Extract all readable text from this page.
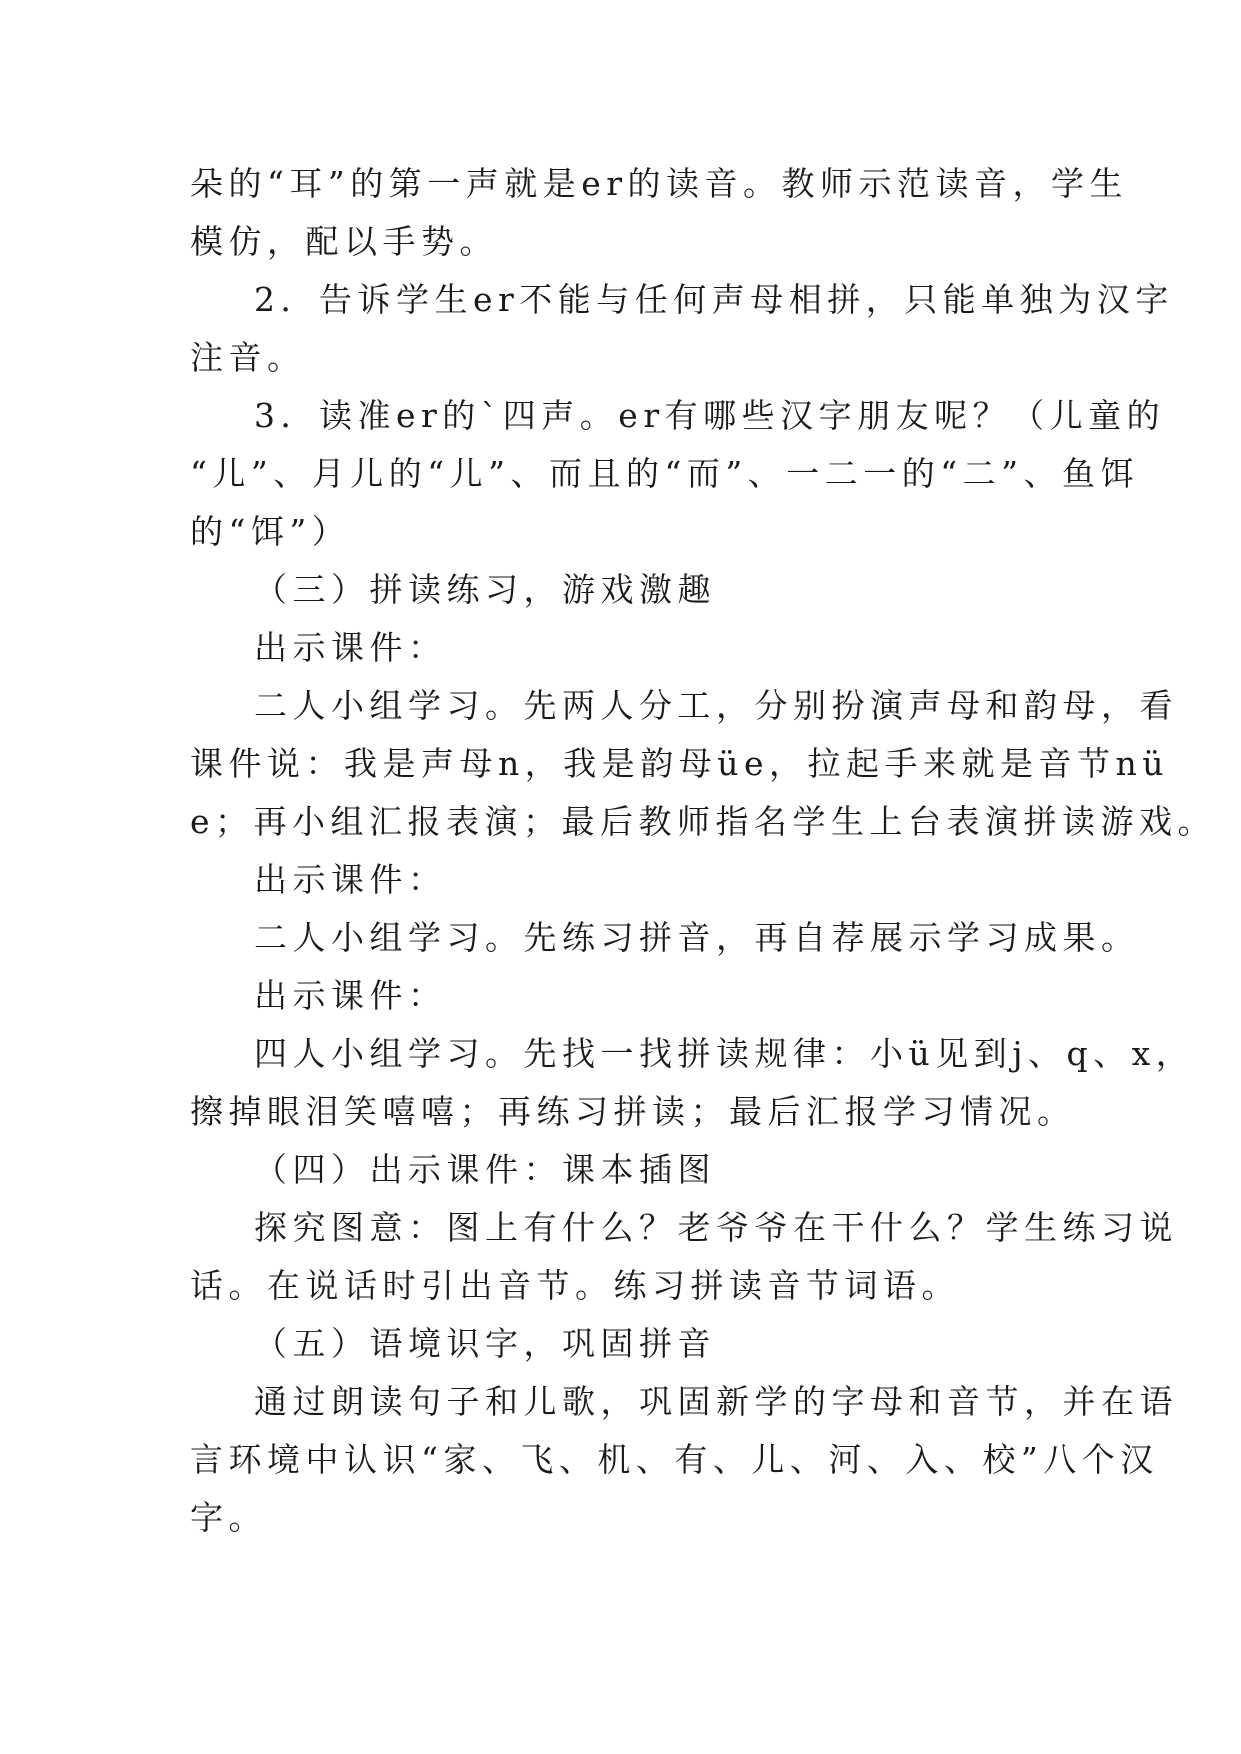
朵的“耳”的第一声就是er的读音。教师示范读音，学生
模仿，配以手势。
2．告诉学生er不能与任何声母相拼，只能单独为汉字
注音。
3．读准er的`四声。er有哪些汉字朋友呢？（儿童的
“儿”、月儿的“儿”、而且的“而”、一二一的“二”、鱼饵
的“饵”）
（三）拼读练习，游戏激趣
出示课件：
二人小组学习。先两人分工，分别扮演声母和韵母，看
课件说：我是声母n，我是韵母üe，拉起手来就是音节nü
e；再小组汇报表演；最后教师指名学生上台表演拼读游戏。
出示课件：
二人小组学习。先练习拼音，再自荐展示学习成果。
出示课件：
四人小组学习。先找一找拼读规律：小ü见到j、q、x，
擦掉眼泪笑嘻嘻；再练习拼读；最后汇报学习情况。
（四）出示课件：课本插图
探究图意：图上有什么？老爷爷在干什么？学生练习说
话。在说话时引出音节。练习拼读音节词语。
（五）语境识字，巩固拼音
通过朗读句子和儿歌，巩固新学的字母和音节，并在语
言环境中认识“家、飞、机、有、儿、河、入、校”八个汉
字。
